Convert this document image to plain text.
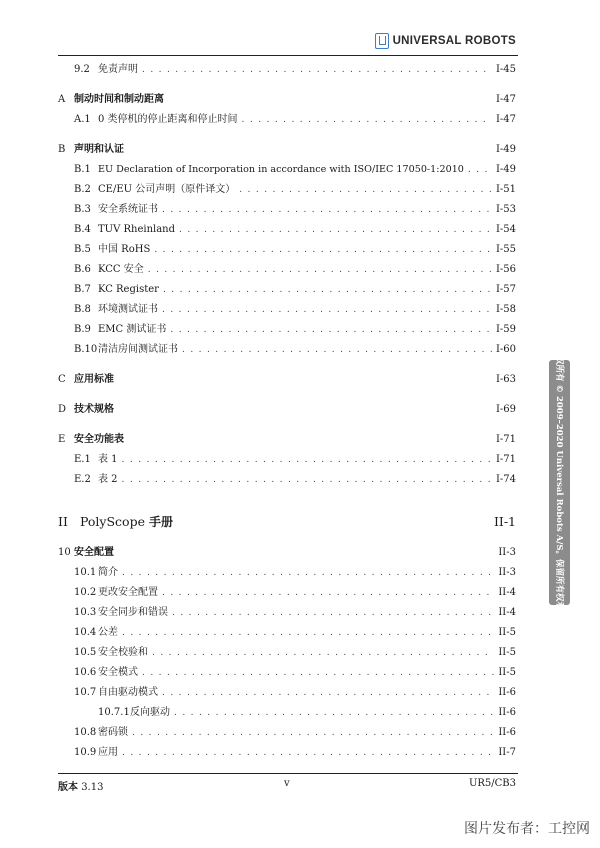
UNIVERSAL ROBOTS
9.2 免责声明 . . .	I-45
A 制动时间和制动距离	I-47
A.1 0 类停机的停止距离和停止时间 . . .	I-47
B 声明和认证	I-49
B.1 EU Declaration of Incorporation in accordance with ISO/IEC 17050-1:2010 . . .	I-49
B.2 CE/EU 公司声明（原件译文） . . .	I-51
B.3 安全系统证书 . . .	I-53
B.4 TUV Rheinland . . .	I-54
B.5 中国 RoHS . . .	I-55
B.6 KCC 安全 . . .	I-56
B.7 KC Register . . .	I-57
B.8 环境测试证书 . . .	I-58
B.9 EMC 测试证书 . . .	I-59
B.10 清洁房间测试证书 . . .	I-60
C 应用标准	I-63
D 技术规格	I-69
E 安全功能表	I-71
E.1 表 1 . . .	I-71
E.2 表 2 . . .	I-74
II PolyScope 手册	II-1
10 安全配置	II-3
10.1 简介 . . .	II-3
10.2 更改安全配置 . . .	II-4
10.3 安全同步和错误 . . .	II-4
10.4 公差 . . .	II-5
10.5 安全校验和 . . .	II-5
10.6 安全模式 . . .	II-5
10.7 自由驱动模式 . . .	II-6
10.7.1 反向驱动 . . .	II-6
10.8 密码锁 . . .	II-6
10.9 应用 . . .	II-7
版本 3.13	v	UR5/CB3
版权所有 © 2009–2020 Universal Robots A/S。保留所有权利。
图片发布者：工控网
